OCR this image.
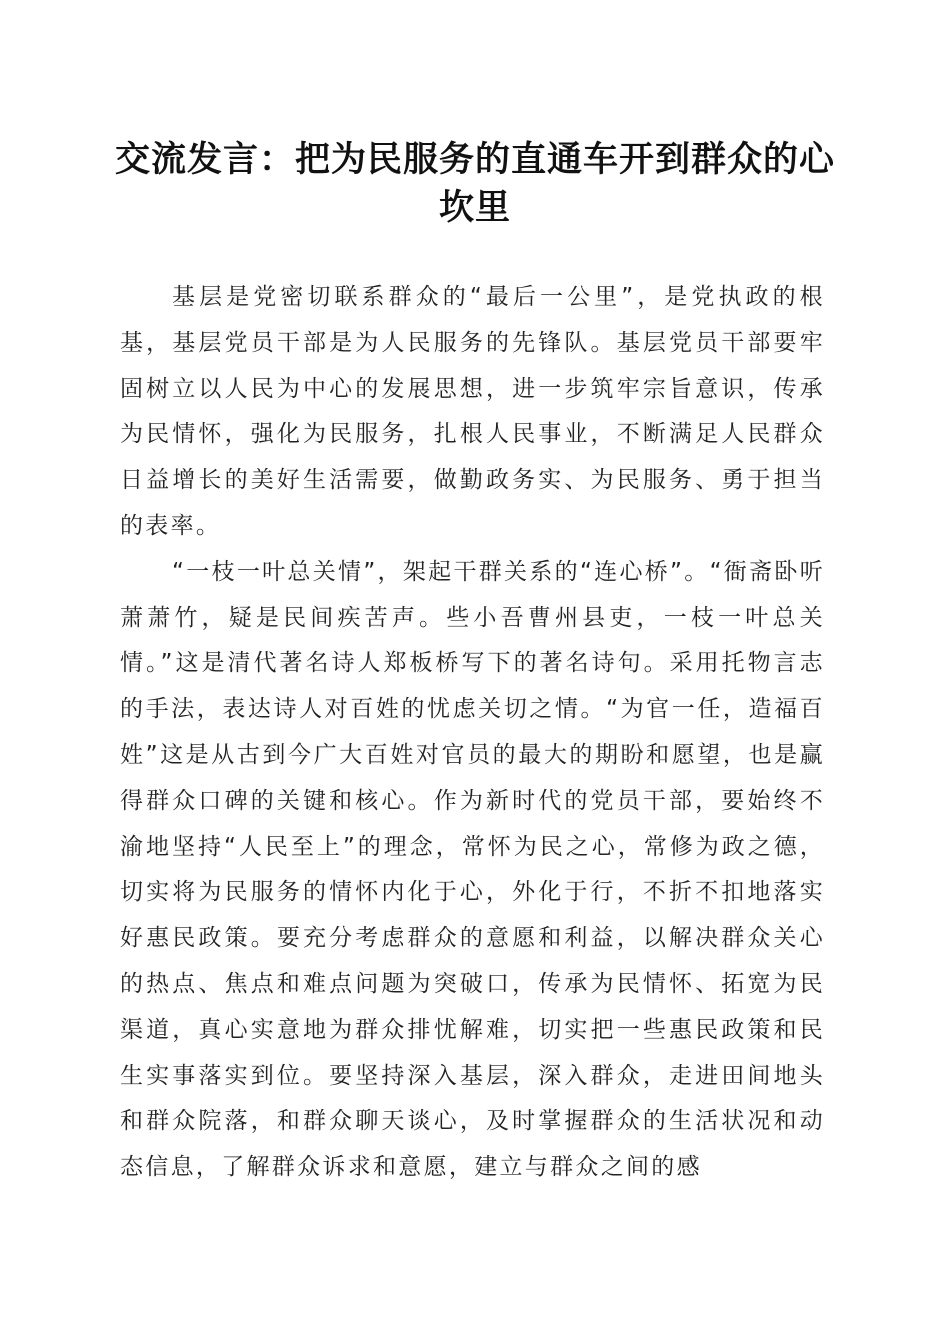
交流发言：把为民服务的直通车开到群众的心坎里

基层是党密切联系群众的“最后一公里”，是党执政的根基，基层党员干部是为人民服务的先锋队。基层党员干部要牢固树立以人民为中心的发展思想，进一步筑牢宗旨意识，传承为民情怀，强化为民服务，扎根人民事业，不断满足人民群众日益增长的美好生活需要，做勤政务实、为民服务、勇于担当的表率。

“一枝一叶总关情”，架起干群关系的“连心桥”。“衙斋卧听萧萧竹，疑是民间疾苦声。些小吾曹州县吏，一枝一叶总关情。”这是清代著名诗人郑板桥写下的著名诗句。采用托物言志的手法，表达诗人对百姓的忧虑关切之情。“为官一任，造福百姓”这是从古到今广大百姓对官员的最大的期盼和愿望，也是赢得群众口碑的关键和核心。作为新时代的党员干部，要始终不渝地坚持“人民至上”的理念，常怀为民之心，常修为政之德，切实将为民服务的情怀内化于心，外化于行，不折不扣地落实好惠民政策。要充分考虑群众的意愿和利益，以解决群众关心的热点、焦点和难点问题为突破口，传承为民情怀、拓宽为民渠道，真心实意地为群众排忧解难，切实把一些惠民政策和民生实事落实到位。要坚持深入基层，深入群众，走进田间地头和群众院落，和群众聊天谈心，及时掌握群众的生活状况和动态信息，了解群众诉求和意愿，建立与群众之间的感
